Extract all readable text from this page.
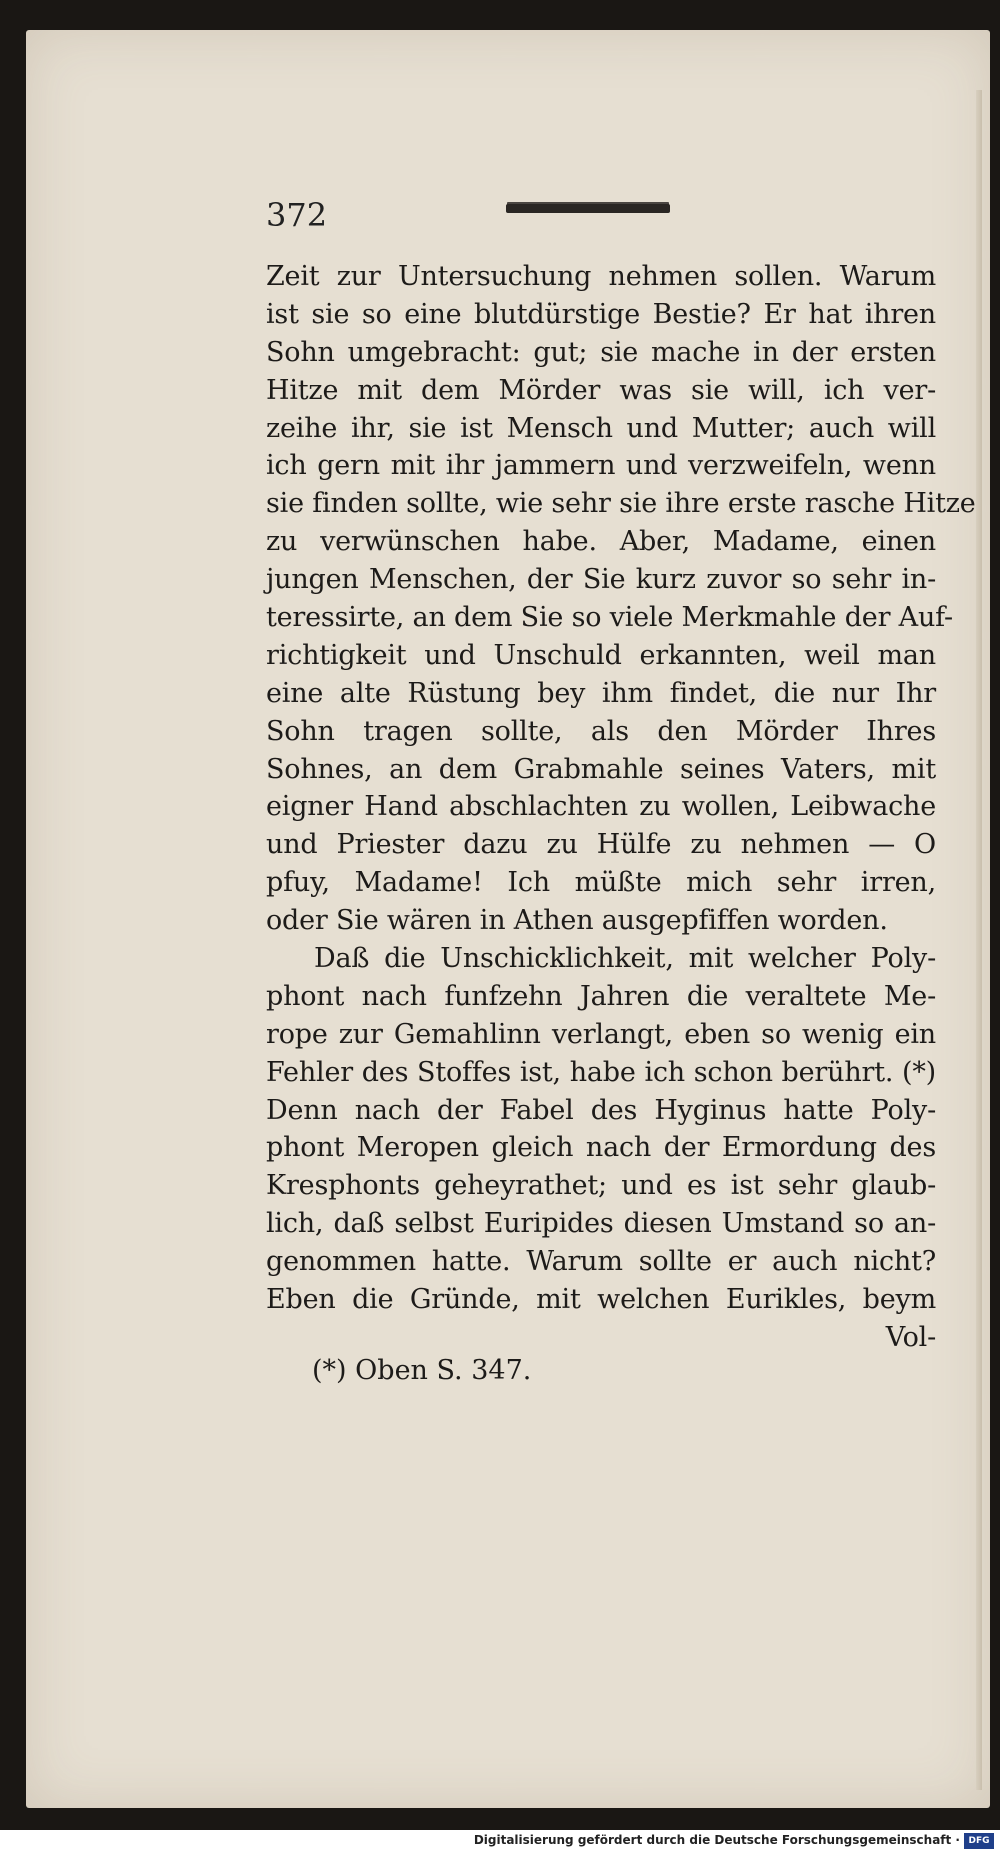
372
Zeit zur Untersuchung nehmen sollen. Warum
ist sie so eine blutdürstige Bestie? Er hat ihren
Sohn umgebracht: gut; sie mache in der ersten
Hitze mit dem Mörder was sie will, ich ver-
zeihe ihr, sie ist Mensch und Mutter; auch will
ich gern mit ihr jammern und verzweifeln, wenn
sie finden sollte, wie sehr sie ihre erste rasche Hitze
zu verwünschen habe. Aber, Madame, einen
jungen Menschen, der Sie kurz zuvor so sehr in-
teressirte, an dem Sie so viele Merkmahle der Auf-
richtigkeit und Unschuld erkannten, weil man
eine alte Rüstung bey ihm findet, die nur Ihr
Sohn tragen sollte, als den Mörder Ihres
Sohnes, an dem Grabmahle seines Vaters, mit
eigner Hand abschlachten zu wollen, Leibwache
und Priester dazu zu Hülfe zu nehmen — O
pfuy, Madame! Ich müßte mich sehr irren,
oder Sie wären in Athen ausgepfiffen worden.
Daß die Unschicklichkeit, mit welcher Poly-
phont nach funfzehn Jahren die veraltete Me-
rope zur Gemahlinn verlangt, eben so wenig ein
Fehler des Stoffes ist, habe ich schon berührt. (*)
Denn nach der Fabel des Hyginus hatte Poly-
phont Meropen gleich nach der Ermordung des
Kresphonts geheyrathet; und es ist sehr glaub-
lich, daß selbst Euripides diesen Umstand so an-
genommen hatte. Warum sollte er auch nicht?
Eben die Gründe, mit welchen Eurikles, beym
Vol-
(*) Oben S. 347.
Digitalisierung gefördert durch die Deutsche Forschungsgemeinschaft · DFG
